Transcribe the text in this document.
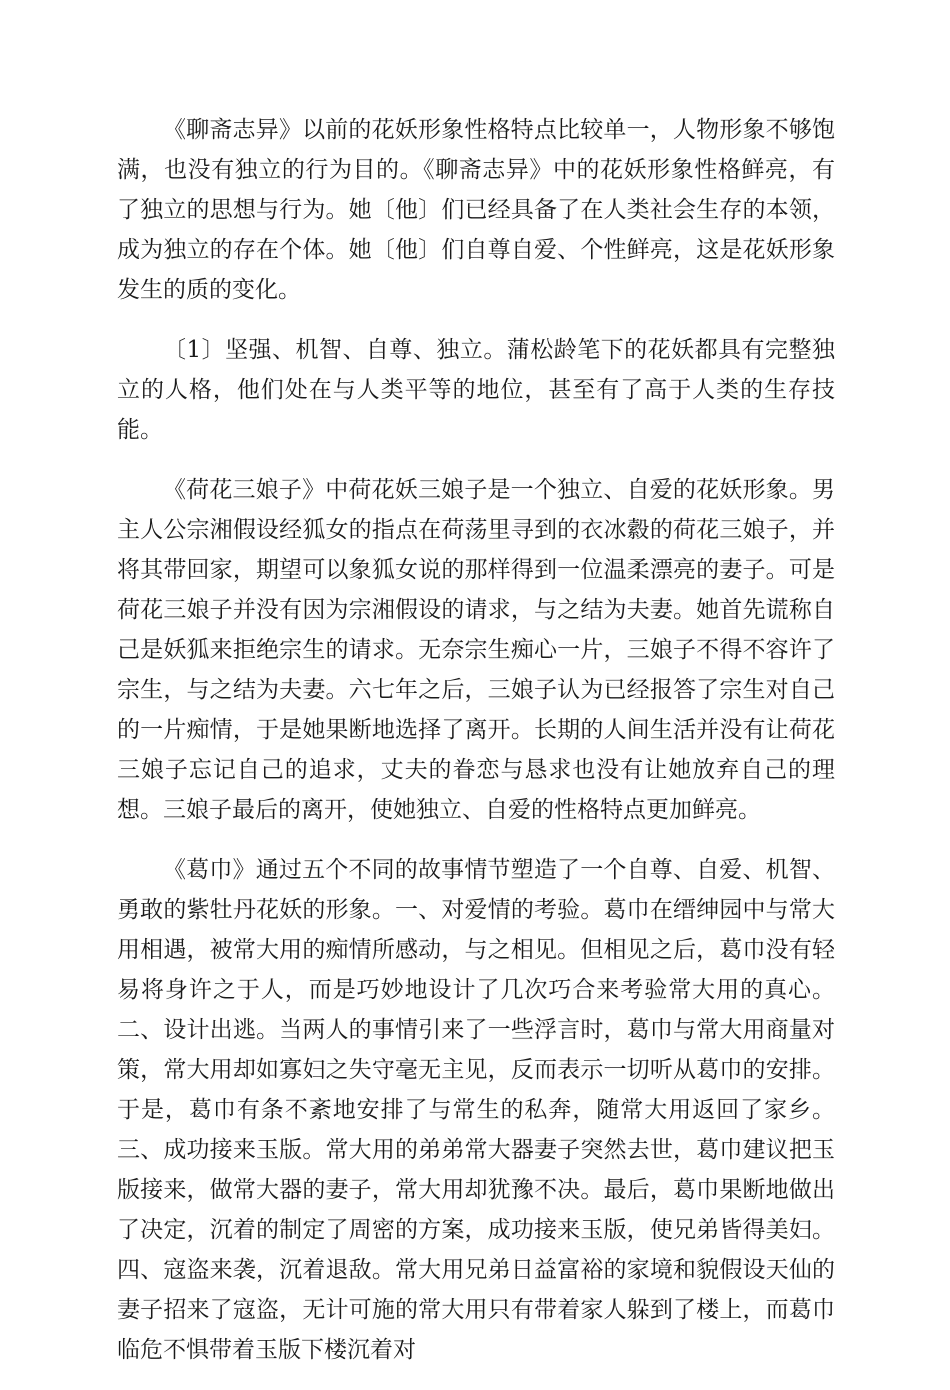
《聊斋志异》以前的花妖形象性格特点比较单一，人物形象不够饱满，也没有独立的行为目的。《聊斋志异》中的花妖形象性格鲜亮，有了独立的思想与行为。她〔他〕们已经具备了在人类社会生存的本领，成为独立的存在个体。她〔他〕们自尊自爱、个性鲜亮，这是花妖形象发生的质的变化。

〔1〕坚强、机智、自尊、独立。蒲松龄笔下的花妖都具有完整独立的人格，他们处在与人类平等的地位，甚至有了高于人类的生存技能。

《荷花三娘子》中荷花妖三娘子是一个独立、自爱的花妖形象。男主人公宗湘假设经狐女的指点在荷荡里寻到的衣冰縠的荷花三娘子，并将其带回家，期望可以象狐女说的那样得到一位温柔漂亮的妻子。可是荷花三娘子并没有因为宗湘假设的请求，与之结为夫妻。她首先谎称自己是妖狐来拒绝宗生的请求。无奈宗生痴心一片，三娘子不得不容许了宗生，与之结为夫妻。六七年之后，三娘子认为已经报答了宗生对自己的一片痴情，于是她果断地选择了离开。长期的人间生活并没有让荷花三娘子忘记自己的追求，丈夫的眷恋与恳求也没有让她放弃自己的理想。三娘子最后的离开，使她独立、自爱的性格特点更加鲜亮。

《葛巾》通过五个不同的故事情节塑造了一个自尊、自爱、机智、勇敢的紫牡丹花妖的形象。一、对爱情的考验。葛巾在缙绅园中与常大用相遇，被常大用的痴情所感动，与之相见。但相见之后，葛巾没有轻易将身许之于人，而是巧妙地设计了几次巧合来考验常大用的真心。二、设计出逃。当两人的事情引来了一些浮言时，葛巾与常大用商量对策，常大用却如寡妇之失守毫无主见，反而表示一切听从葛巾的安排。于是，葛巾有条不紊地安排了与常生的私奔，随常大用返回了家乡。三、成功接来玉版。常大用的弟弟常大器妻子突然去世，葛巾建议把玉版接来，做常大器的妻子，常大用却犹豫不决。最后，葛巾果断地做出了决定，沉着的制定了周密的方案，成功接来玉版，使兄弟皆得美妇。四、寇盗来袭，沉着退敌。常大用兄弟日益富裕的家境和貌假设天仙的妻子招来了寇盗，无计可施的常大用只有带着家人躲到了楼上，而葛巾临危不惧带着玉版下楼沉着对
